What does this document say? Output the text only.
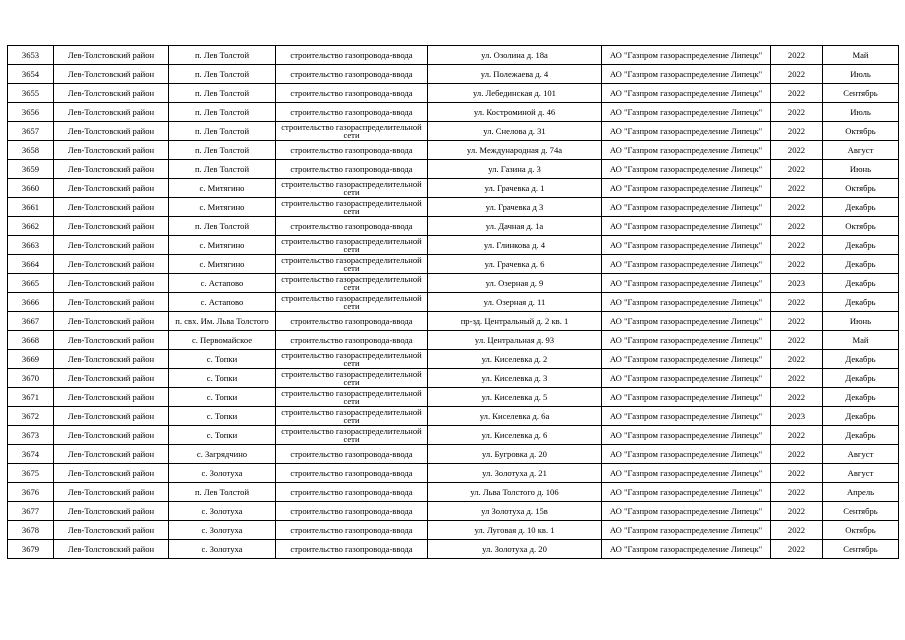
3653	Лев-Толстовский район	п. Лев Толстой	строительство газопровода-ввода	ул. Озолина д. 18а	АО "Газпром газораспределение Липецк"	2022	Май
3654	Лев-Толстовский район	п. Лев Толстой	строительство газопровода-ввода	ул. Полежаева д. 4	АО "Газпром газораспределение Липецк"	2022	Июль
3655	Лев-Толстовский район	п. Лев Толстой	строительство газопровода-ввода	ул. Лебединская д. 101	АО "Газпром газораспределение Липецк"	2022	Сентябрь
3656	Лев-Толстовский район	п. Лев Толстой	строительство газопровода-ввода	ул. Костроминой д. 46	АО "Газпром газораспределение Липецк"	2022	Июль
3657	Лев-Толстовский район	п. Лев Толстой	строительство газораспределительной сети	ул. Снелова д. 31	АО "Газпром газораспределение Липецк"	2022	Октябрь
3658	Лев-Толстовский район	п. Лев Толстой	строительство газопровода-ввода	ул. Международная д. 74а	АО "Газпром газораспределение Липецк"	2022	Август
3659	Лев-Толстовский район	п. Лев Толстой	строительство газопровода-ввода	ул. Газина д. 3	АО "Газпром газораспределение Липецк"	2022	Июнь
3660	Лев-Толстовский район	с. Митягино	строительство газораспределительной сети	ул. Грачевка д. 1	АО "Газпром газораспределение Липецк"	2022	Октябрь
3661	Лев-Толстовский район	с. Митягино	строительство газораспределительной сети	ул. Грачевка д 3	АО "Газпром газораспределение Липецк"	2022	Декабрь
3662	Лев-Толстовский район	п. Лев Толстой	строительство газопровода-ввода	ул. Дачная д. 1а	АО "Газпром газораспределение Липецк"	2022	Октябрь
3663	Лев-Толстовский район	с. Митягино	строительство газораспределительной сети	ул. Глинкова д. 4	АО "Газпром газораспределение Липецк"	2022	Декабрь
3664	Лев-Толстовский район	с. Митягино	строительство газораспределительной сети	ул. Грачевка д. 6	АО "Газпром газораспределение Липецк"	2022	Декабрь
3665	Лев-Толстовский район	с. Астапово	строительство газораспределительной сети	ул. Озерная д. 9	АО "Газпром газораспределение Липецк"	2023	Декабрь
3666	Лев-Толстовский район	с. Астапово	строительство газораспределительной сети	ул. Озерная д. 11	АО "Газпром газораспределение Липецк"	2022	Декабрь
3667	Лев-Толстовский район	п. свх. Им. Льва Толстого	строительство газопровода-ввода	пр-зд. Центральный д. 2 кв. 1	АО "Газпром газораспределение Липецк"	2022	Июнь
3668	Лев-Толстовский район	с. Первомайское	строительство газопровода-ввода	ул. Центральная д. 93	АО "Газпром газораспределение Липецк"	2022	Май
3669	Лев-Толстовский район	с. Топки	строительство газораспределительной сети	ул. Киселевка д. 2	АО "Газпром газораспределение Липецк"	2022	Декабрь
3670	Лев-Толстовский район	с. Топки	строительство газораспределительной сети	ул. Киселевка д. 3	АО "Газпром газораспределение Липецк"	2022	Декабрь
3671	Лев-Толстовский район	с. Топки	строительство газораспределительной сети	ул. Киселевка д. 5	АО "Газпром газораспределение Липецк"	2022	Декабрь
3672	Лев-Толстовский район	с. Топки	строительство газораспределительной сети	ул. Киселевка д. 6а	АО "Газпром газораспределение Липецк"	2023	Декабрь
3673	Лев-Толстовский район	с. Топки	строительство газораспределительной сети	ул. Киселевка д. 6	АО "Газпром газораспределение Липецк"	2022	Декабрь
3674	Лев-Толстовский район	с. Загрядчино	строительство газопровода-ввода	ул. Бугровка д. 20	АО "Газпром газораспределение Липецк"	2022	Август
3675	Лев-Толстовский район	с. Золотуха	строительство газопровода-ввода	ул. Золотуха д. 21	АО "Газпром газораспределение Липецк"	2022	Август
3676	Лев-Толстовский район	п. Лев Толстой	строительство газопровода-ввода	ул. Льва Толстого д. 106	АО "Газпром газораспределение Липецк"	2022	Апрель
3677	Лев-Толстовский район	с. Золотуха	строительство газопровода-ввода	ул Золотуха д. 15в	АО "Газпром газораспределение Липецк"	2022	Сентябрь
3678	Лев-Толстовский район	с. Золотуха	строительство газопровода-ввода	ул. Луговая д. 10 кв. 1	АО "Газпром газораспределение Липецк"	2022	Октябрь
3679	Лев-Толстовский район	с. Золотуха	строительство газопровода-ввода	ул. Золотуха д. 20	АО "Газпром газораспределение Липецк"	2022	Сентябрь
